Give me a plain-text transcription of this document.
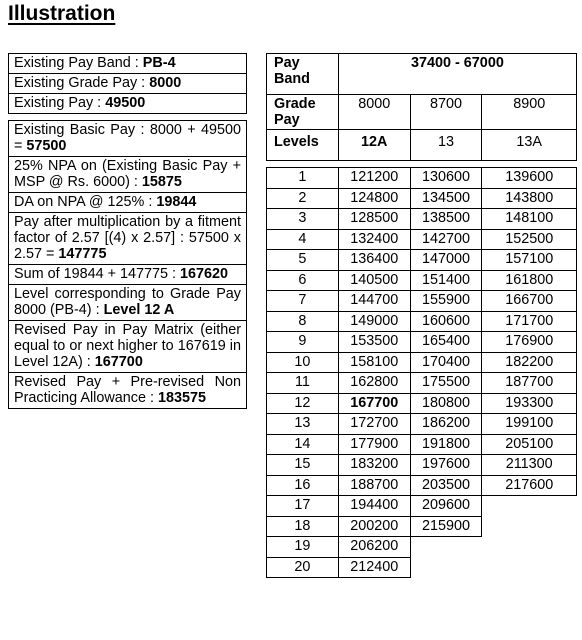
Illustration
Existing Pay Band : PB-4
Existing Grade Pay : 8000
Existing Pay : 49500

Existing Basic Pay : 8000 + 49500 = 57500
25% NPA on (Existing Basic Pay + MSP @ Rs. 6000) : 15875
DA on NPA @ 125% : 19844
Pay after multiplication by a fitment factor of 2.57 [(4) x 2.57] : 57500 x 2.57 = 147775
Sum of 19844 + 147775 : 167620
Level corresponding to Grade Pay 8000 (PB-4) : Level 12 A
Revised Pay in Pay Matrix (either equal to or next higher to 167619 in Level 12A) : 167700
Revised Pay + Pre-revised Non Practicing Allowance : 183575
Pay Band	37400 - 67000		
Grade Pay	8000	8700	8900
Levels	12A	13	13A

1	121200	130600	139600
2	124800	134500	143800
3	128500	138500	148100
4	132400	142700	152500
5	136400	147000	157100
6	140500	151400	161800
7	144700	155900	166700
8	149000	160600	171700
9	153500	165400	176900
10	158100	170400	182200
11	162800	175500	187700
12	167700	180800	193300
13	172700	186200	199100
14	177900	191800	205100
15	183200	197600	211300
16	188700	203500	217600
17	194400	209600	
18	200200	215900	
19	206200		
20	212400		
